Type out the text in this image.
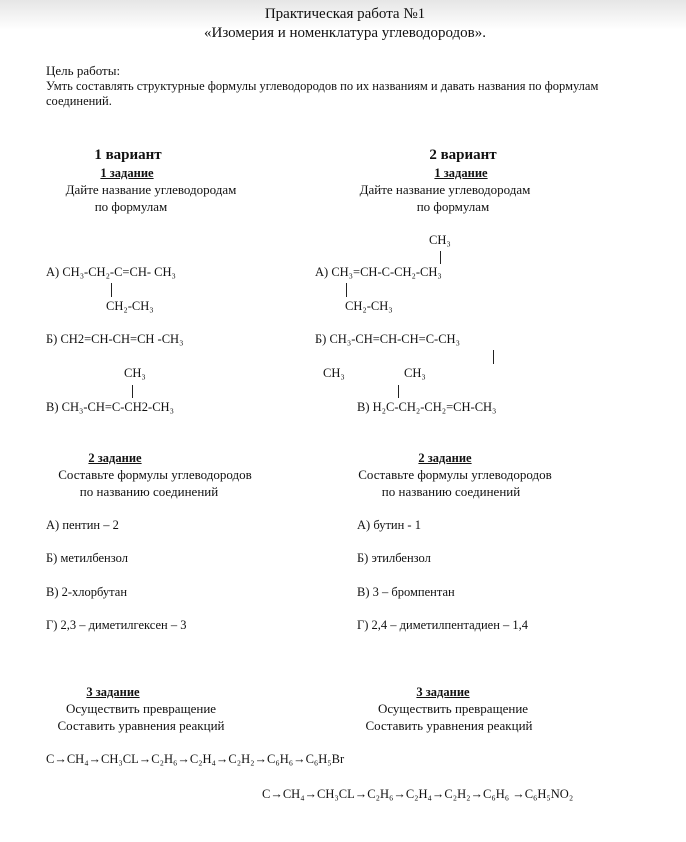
Практическая работа №1
«Изомерия и номенклатура углеводородов».
Цель работы:
Умть составлять структурные формулы углеводородов по их названиям и давать названия по формулам соединений.
1 вариант	2 вариант
1 задание
Дайте название углеводородам
по формулам
А) CH₃-CH₂-C=CH- CH₃
CH₂-CH₃
Б) CH2=CH-CH=CH -CH₃
CH₃
В) CH₃-CH=C-CH2-CH₃
1 задание
Дайте название углеводородам
по формулам
CH₃
А) CH₃=CH-C-CH₂-CH₃
CH₂-CH₃
Б) CH₃-CH=CH-CH=C-CH₃
CH₃	CH₃
В) H₂C-CH₂-CH₂=CH-CH₃
2 задание
Составьте формулы углеводородов
по названию соединений
А) пентин – 2
Б) метилбензол
В) 2-хлорбутан
Г) 2,3 – диметилгексен – 3
2 задание
Составьте формулы углеводородов
по названию соединений
А) бутин - 1
Б) этилбензол
В) 3 – бромпентан
Г) 2,4 – диметилпентадиен – 1,4
3 задание
Осуществить превращение
Составить уравнения реакций
3 задание
Осуществить превращение
Составить уравнения реакций
C→CH₄→CH₃CL→C₂H₆→C₂H₄→C₂H₂→C₆H₆→C₆H₅Br
C→CH₄→CH₃CL→C₂H₆→C₂H₄→C₂H₂→C₆H₆ →C₆H₅NO₂
